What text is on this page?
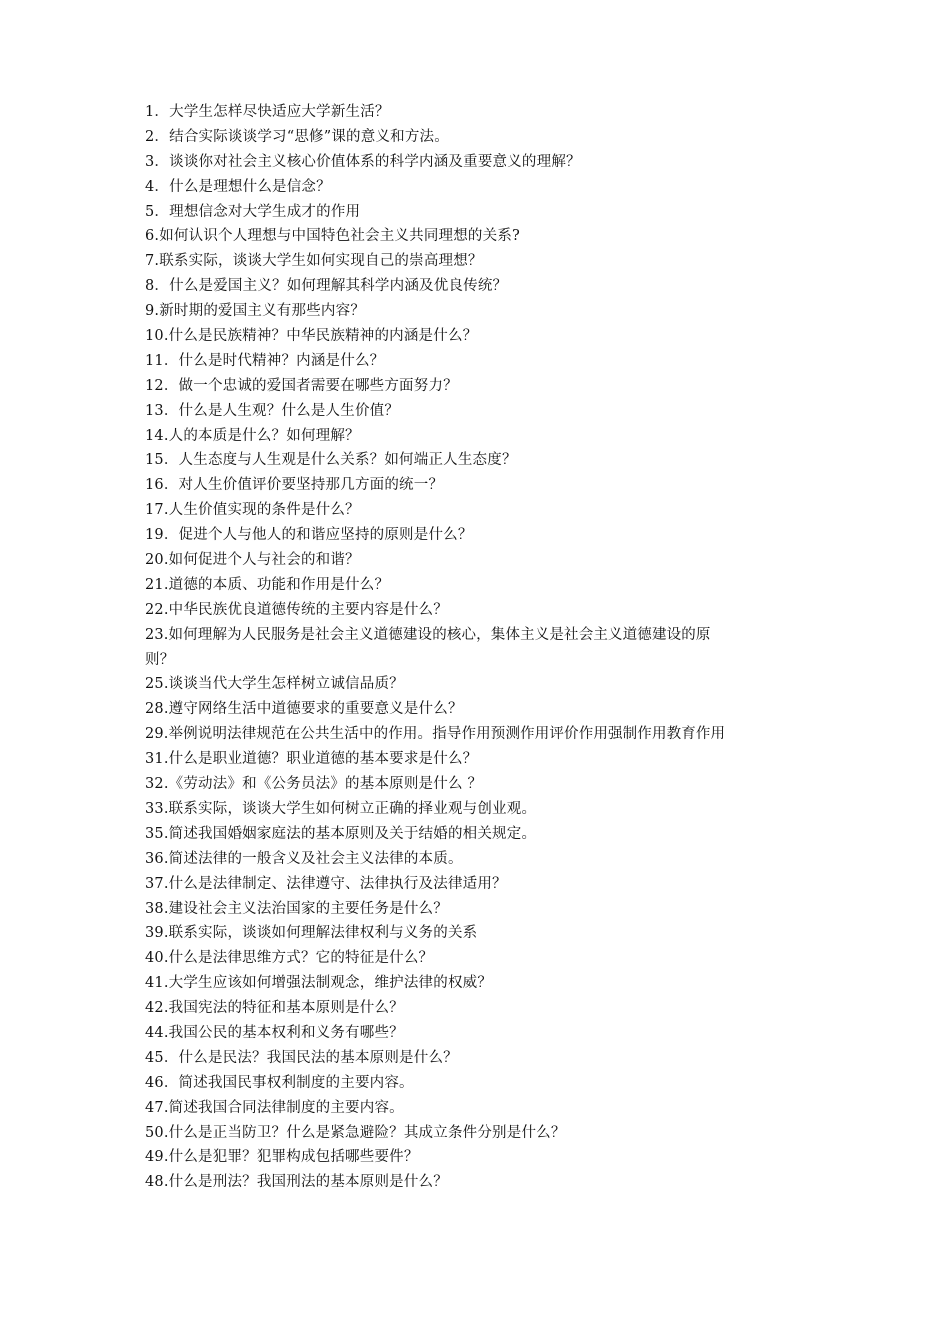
1．大学生怎样尽快适应大学新生活？
2．结合实际谈谈学习“思修”课的意义和方法。
3．谈谈你对社会主义核心价值体系的科学内涵及重要意义的理解？
4．什么是理想什么是信念？
5．理想信念对大学生成才的作用
6.如何认识个人理想与中国特色社会主义共同理想的关系?
7.联系实际，谈谈大学生如何实现自己的崇高理想？
8．什么是爱国主义？如何理解其科学内涵及优良传统？
9.新时期的爱国主义有那些内容？
10.什么是民族精神？中华民族精神的内涵是什么？
11．什么是时代精神？内涵是什么？
12．做一个忠诚的爱国者需要在哪些方面努力？
13．什么是人生观？什么是人生价值？
14.人的本质是什么？如何理解？
15．人生态度与人生观是什么关系？如何端正人生态度？
16．对人生价值评价要坚持那几方面的统一？
17.人生价值实现的条件是什么？
19．促进个人与他人的和谐应坚持的原则是什么？
20.如何促进个人与社会的和谐？
21.道德的本质、功能和作用是什么？
22.中华民族优良道德传统的主要内容是什么？
23.如何理解为人民服务是社会主义道德建设的核心，集体主义是社会主义道德建设的原
则？
25.谈谈当代大学生怎样树立诚信品质？
28.遵守网络生活中道德要求的重要意义是什么？
29.举例说明法律规范在公共生活中的作用。指导作用预测作用评价作用强制作用教育作用
31.什么是职业道德？职业道德的基本要求是什么？
32.《劳动法》和《公务员法》的基本原则是什么 ？
33.联系实际，谈谈大学生如何树立正确的择业观与创业观。
35.简述我国婚姻家庭法的基本原则及关于结婚的相关规定。
36.简述法律的一般含义及社会主义法律的本质。
37.什么是法律制定、法律遵守、法律执行及法律适用？
38.建设社会主义法治国家的主要任务是什么？
39.联系实际，谈谈如何理解法律权利与义务的关系
40.什么是法律思维方式？它的特征是什么？
41.大学生应该如何增强法制观念，维护法律的权威？
42.我国宪法的特征和基本原则是什么？
44.我国公民的基本权利和义务有哪些？
45．什么是民法？我国民法的基本原则是什么？
46．简述我国民事权利制度的主要内容。
47.简述我国合同法律制度的主要内容。
50.什么是正当防卫？什么是紧急避险？其成立条件分别是什么？
49.什么是犯罪？犯罪构成包括哪些要件？
48.什么是刑法？我国刑法的基本原则是什么？
